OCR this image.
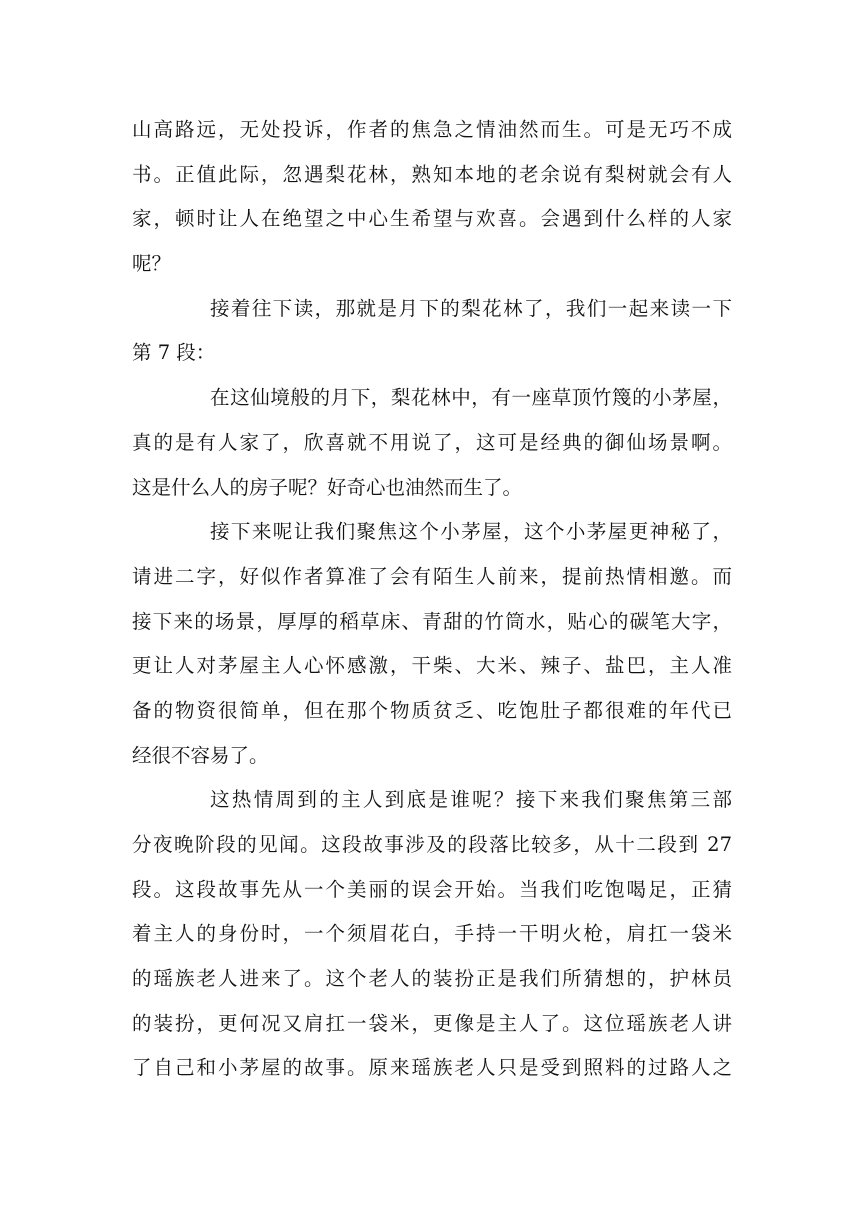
山高路远，无处投诉，作者的焦急之情油然而生。可是无巧不成
书。正值此际，忽遇梨花林，熟知本地的老余说有梨树就会有人
家，顿时让人在绝望之中心生希望与欢喜。会遇到什么样的人家
呢？
接着往下读，那就是月下的梨花林了，我们一起来读一下
第 7 段：
在这仙境般的月下，梨花林中，有一座草顶竹篾的小茅屋，
真的是有人家了，欣喜就不用说了，这可是经典的御仙场景啊。
这是什么人的房子呢？好奇心也油然而生了。
接下来呢让我们聚焦这个小茅屋，这个小茅屋更神秘了，
请进二字，好似作者算准了会有陌生人前来，提前热情相邀。而
接下来的场景，厚厚的稻草床、青甜的竹筒水，贴心的碳笔大字，
更让人对茅屋主人心怀感激，干柴、大米、辣子、盐巴，主人准
备的物资很简单，但在那个物质贫乏、吃饱肚子都很难的年代已
经很不容易了。
这热情周到的主人到底是谁呢？接下来我们聚焦第三部
分夜晚阶段的见闻。这段故事涉及的段落比较多，从十二段到 27
段。这段故事先从一个美丽的误会开始。当我们吃饱喝足，正猜
着主人的身份时，一个须眉花白，手持一干明火枪，肩扛一袋米
的瑶族老人进来了。这个老人的装扮正是我们所猜想的，护林员
的装扮，更何况又肩扛一袋米，更像是主人了。这位瑶族老人讲
了自己和小茅屋的故事。原来瑶族老人只是受到照料的过路人之
